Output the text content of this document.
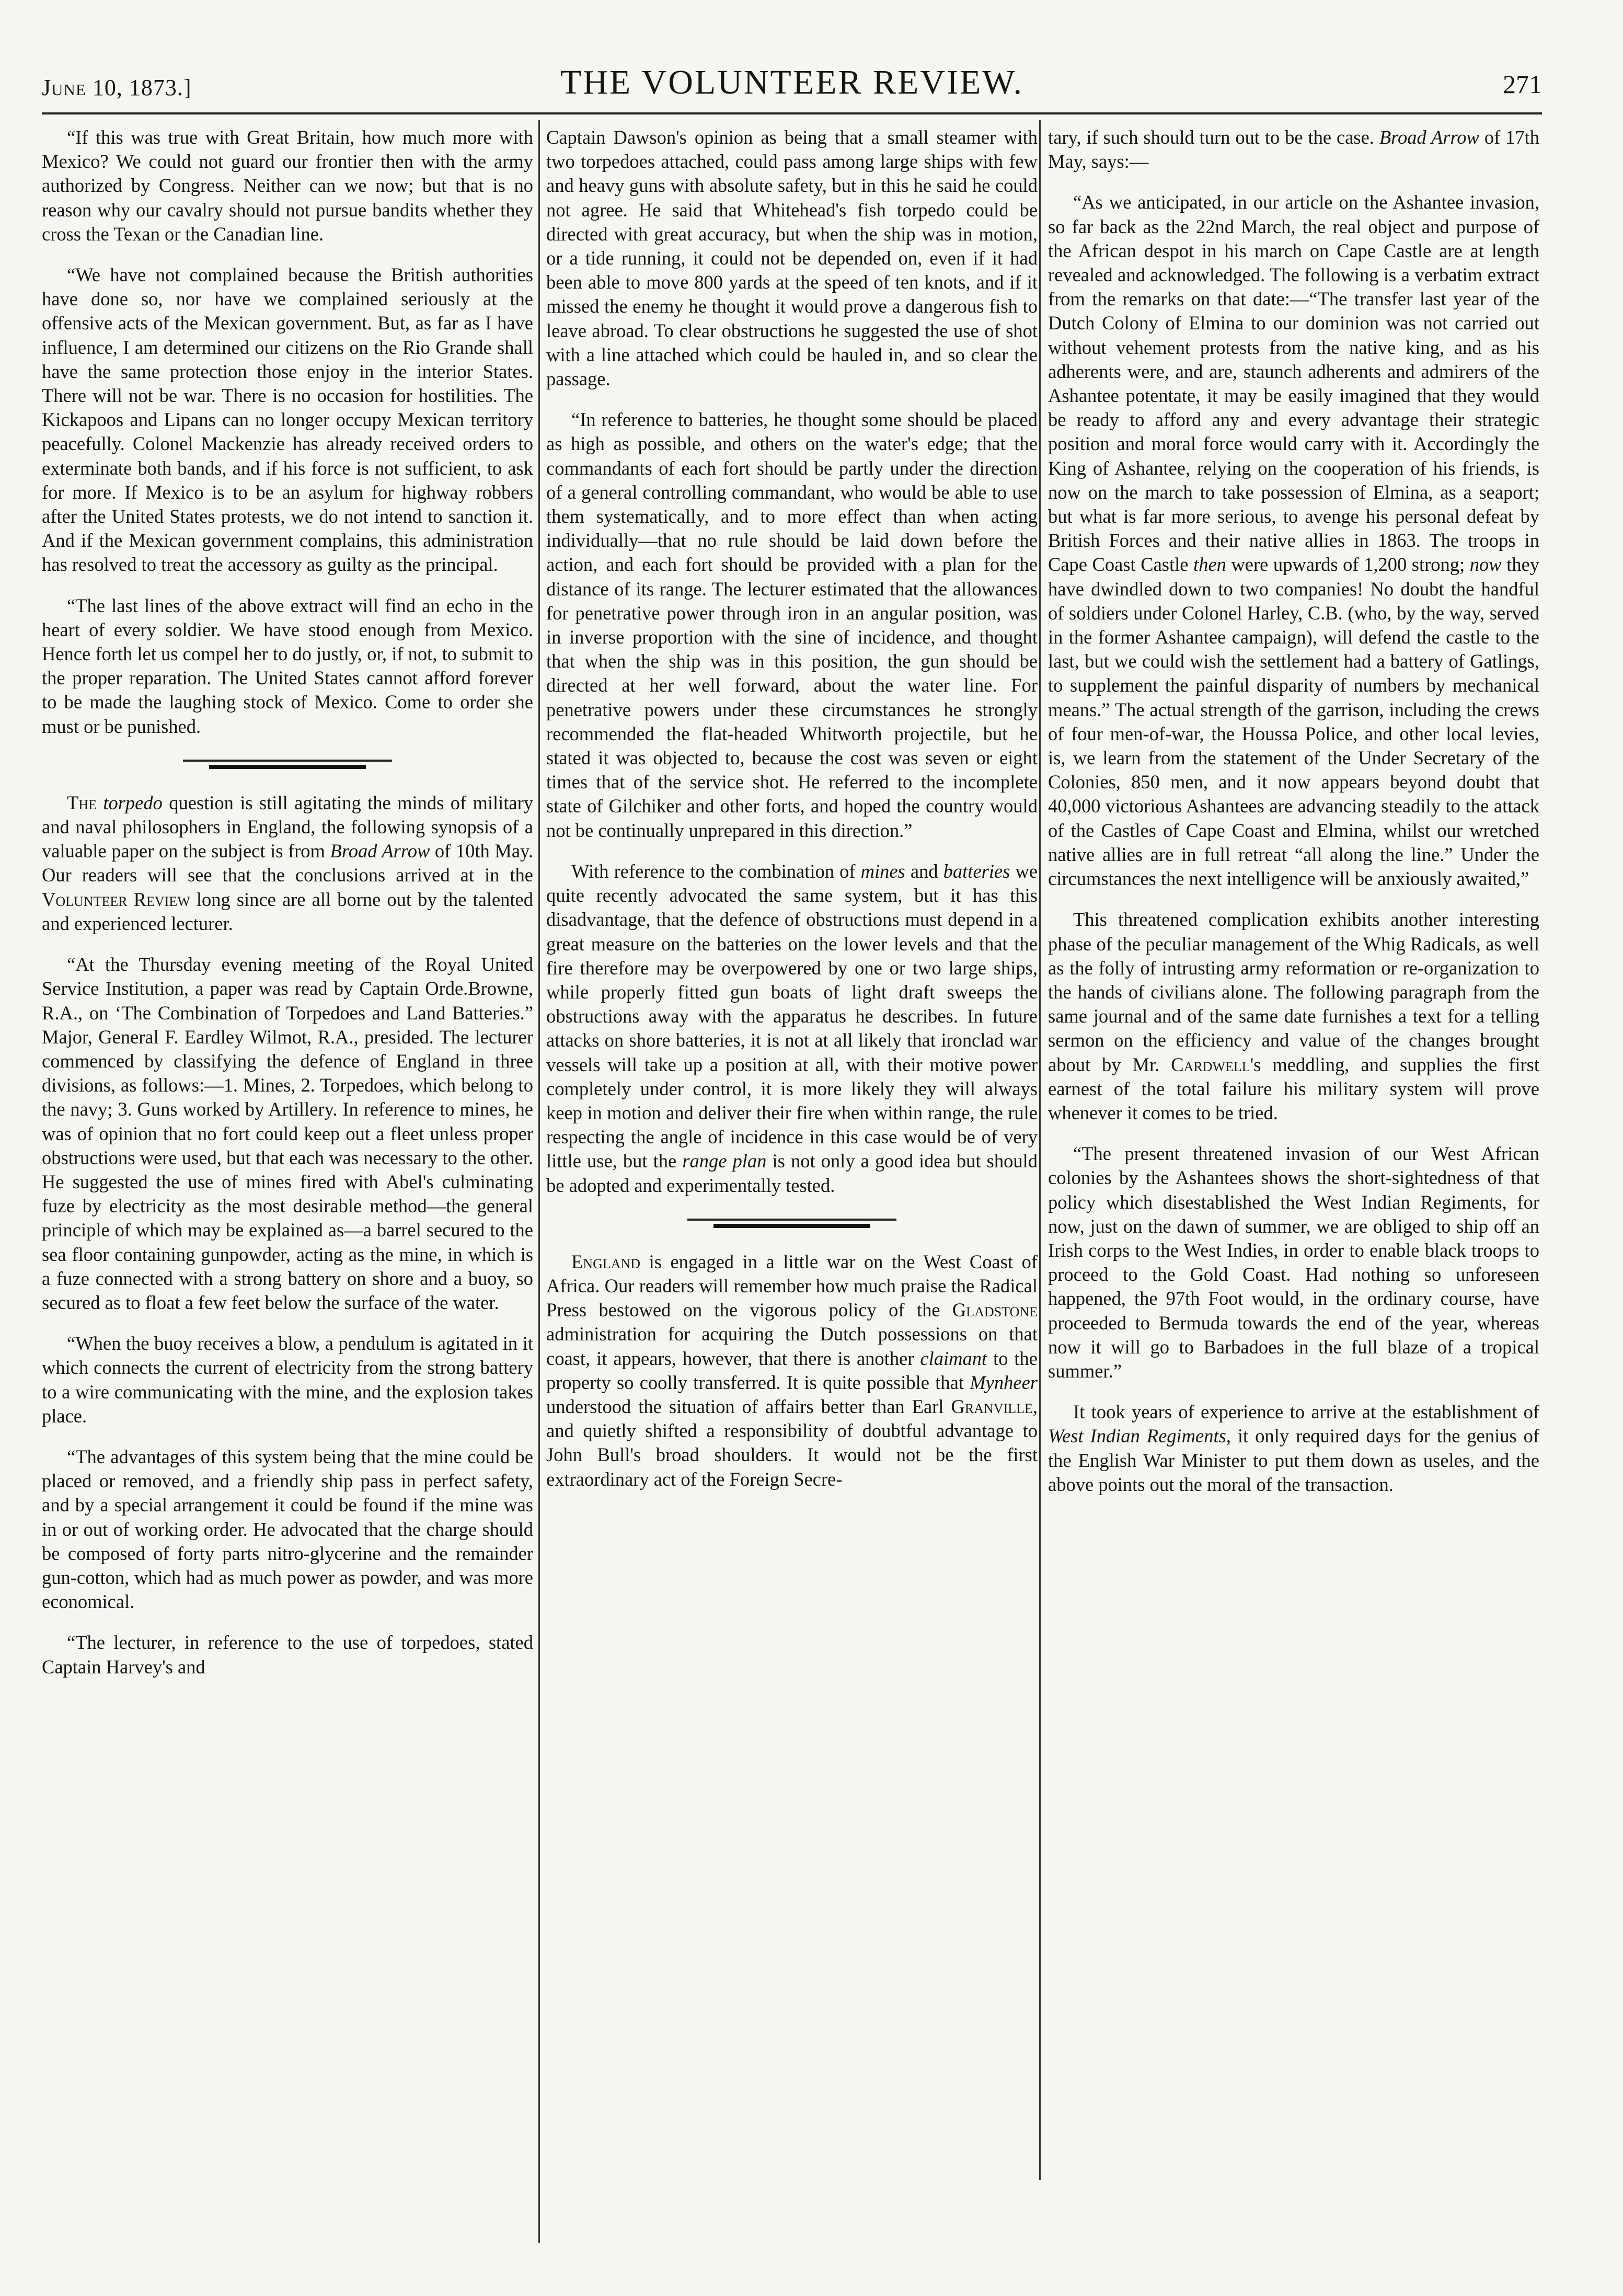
June 10, 1873.]	THE VOLUNTEER REVIEW.	271

“If this was true with Great Britain, how much more with Mexico? We could not guard our frontier then with the army authorized by Congress. Neither can we now; but that is no reason why our cavalry should not pursue bandits whether they cross the Texan or the Canadian line.

“We have not complained because the British authorities have done so, nor have we complained seriously at the offensive acts of the Mexican government. But, as far as I have influence, I am determined our citizens on the Rio Grande shall have the same protection those enjoy in the interior States. There will not be war. There is no occasion for hostilities. The Kickapoos and Lipans can no longer occupy Mexican territory peacefully. Colonel Mackenzie has already received orders to exterminate both bands, and if his force is not sufficient, to ask for more. If Mexico is to be an asylum for highway robbers after the United States protests, we do not intend to sanction it. And if the Mexican government complains, this administration has resolved to treat the accessory as guilty as the principal.

“The last lines of the above extract will find an echo in the heart of every soldier. We have stood enough from Mexico. Hence forth let us compel her to do justly, or, if not, to submit to the proper reparation. The United States cannot afford forever to be made the laughing stock of Mexico. Come to order she must or be punished.

The torpedo question is still agitating the minds of military and naval philosophers in England, the following synopsis of a valuable paper on the subject is from Broad Arrow of 10th May. Our readers will see that the conclusions arrived at in the Volunteer Review long since are all borne out by the talented and experienced lecturer.

“At the Thursday evening meeting of the Royal United Service Institution, a paper was read by Captain Orde.Browne, R.A., on ‘The Combination of Torpedoes and Land Batteries.” Major, General F. Eardley Wilmot, R.A., presided. The lecturer commenced by classifying the defence of England in three divisions, as follows:—1. Mines, 2. Torpedoes, which belong to the navy; 3. Guns worked by Artillery. In reference to mines, he was of opinion that no fort could keep out a fleet unless proper obstructions were used, but that each was necessary to the other. He suggested the use of mines fired with Abel's culminating fuze by electricity as the most desirable method—the general principle of which may be explained as—a barrel secured to the sea floor containing gunpowder, acting as the mine, in which is a fuze connected with a strong battery on shore and a buoy, so secured as to float a few feet below the surface of the water.

“When the buoy receives a blow, a pendulum is agitated in it which connects the current of electricity from the strong battery to a wire communicating with the mine, and the explosion takes place.

“The advantages of this system being that the mine could be placed or removed, and a friendly ship pass in perfect safety, and by a special arrangement it could be found if the mine was in or out of working order. He advocated that the charge should be composed of forty parts nitro-glycerine and the remainder gun-cotton, which had as much power as powder, and was more economical.

“The lecturer, in reference to the use of torpedoes, stated Captain Harvey's and

Captain Dawson's opinion as being that a small steamer with two torpedoes attached, could pass among large ships with few and heavy guns with absolute safety, but in this he said he could not agree. He said that Whitehead's fish torpedo could be directed with great accuracy, but when the ship was in motion, or a tide running, it could not be depended on, even if it had been able to move 800 yards at the speed of ten knots, and if it missed the enemy he thought it would prove a dangerous fish to leave abroad. To clear obstructions he suggested the use of shot with a line attached which could be hauled in, and so clear the passage.

“In reference to batteries, he thought some should be placed as high as possible, and others on the water's edge; that the commandants of each fort should be partly under the direction of a general controlling commandant, who would be able to use them systematically, and to more effect than when acting individually—that no rule should be laid down before the action, and each fort should be provided with a plan for the distance of its range. The lecturer estimated that the allowances for penetrative power through iron in an angular position, was in inverse proportion with the sine of incidence, and thought that when the ship was in this position, the gun should be directed at her well forward, about the water line. For penetrative powers under these circumstances he strongly recommended the flat-headed Whitworth projectile, but he stated it was objected to, because the cost was seven or eight times that of the service shot. He referred to the incomplete state of Gilchiker and other forts, and hoped the country would not be continually unprepared in this direction.”

With reference to the combination of mines and batteries we quite recently advocated the same system, but it has this disadvantage, that the defence of obstructions must depend in a great measure on the batteries on the lower levels and that the fire therefore may be overpowered by one or two large ships, while properly fitted gun boats of light draft sweeps the obstructions away with the apparatus he describes. In future attacks on shore batteries, it is not at all likely that ironclad war vessels will take up a position at all, with their motive power completely under control, it is more likely they will always keep in motion and deliver their fire when within range, the rule respecting the angle of incidence in this case would be of very little use, but the range plan is not only a good idea but should be adopted and experimentally tested.

England is engaged in a little war on the West Coast of Africa. Our readers will remember how much praise the Radical Press bestowed on the vigorous policy of the Gladstone administration for acquiring the Dutch possessions on that coast, it appears, however, that there is another claimant to the property so coolly transferred. It is quite possible that Mynheer understood the situation of affairs better than Earl Granville, and quietly shifted a responsibility of doubtful advantage to John Bull's broad shoulders. It would not be the first extraordinary act of the Foreign Secre-

tary, if such should turn out to be the case. Broad Arrow of 17th May, says:—

“As we anticipated, in our article on the Ashantee invasion, so far back as the 22nd March, the real object and purpose of the African despot in his march on Cape Castle are at length revealed and acknowledged. The following is a verbatim extract from the remarks on that date:—“The transfer last year of the Dutch Colony of Elmina to our dominion was not carried out without vehement protests from the native king, and as his adherents were, and are, staunch adherents and admirers of the Ashantee potentate, it may be easily imagined that they would be ready to afford any and every advantage their strategic position and moral force would carry with it. Accordingly the King of Ashantee, relying on the cooperation of his friends, is now on the march to take possession of Elmina, as a seaport; but what is far more serious, to avenge his personal defeat by British Forces and their native allies in 1863. The troops in Cape Coast Castle then were upwards of 1,200 strong; now they have dwindled down to two companies! No doubt the handful of soldiers under Colonel Harley, C.B. (who, by the way, served in the former Ashantee campaign), will defend the castle to the last, but we could wish the settlement had a battery of Gatlings, to supplement the painful disparity of numbers by mechanical means.” The actual strength of the garrison, including the crews of four men-of-war, the Houssa Police, and other local levies, is, we learn from the statement of the Under Secretary of the Colonies, 850 men, and it now appears beyond doubt that 40,000 victorious Ashantees are advancing steadily to the attack of the Castles of Cape Coast and Elmina, whilst our wretched native allies are in full retreat “all along the line.” Under the circumstances the next intelligence will be anxiously awaited,”

This threatened complication exhibits another interesting phase of the peculiar management of the Whig Radicals, as well as the folly of intrusting army reformation or re-organization to the hands of civilians alone. The following paragraph from the same journal and of the same date furnishes a text for a telling sermon on the efficiency and value of the changes brought about by Mr. Cardwell's meddling, and supplies the first earnest of the total failure his military system will prove whenever it comes to be tried.

“The present threatened invasion of our West African colonies by the Ashantees shows the short-sightedness of that policy which disestablished the West Indian Regiments, for now, just on the dawn of summer, we are obliged to ship off an Irish corps to the West Indies, in order to enable black troops to proceed to the Gold Coast. Had nothing so unforeseen happened, the 97th Foot would, in the ordinary course, have proceeded to Bermuda towards the end of the year, whereas now it will go to Barbadoes in the full blaze of a tropical summer.”

It took years of experience to arrive at the establishment of West Indian Regiments, it only required days for the genius of the English War Minister to put them down as useles, and the above points out the moral of the transaction.
